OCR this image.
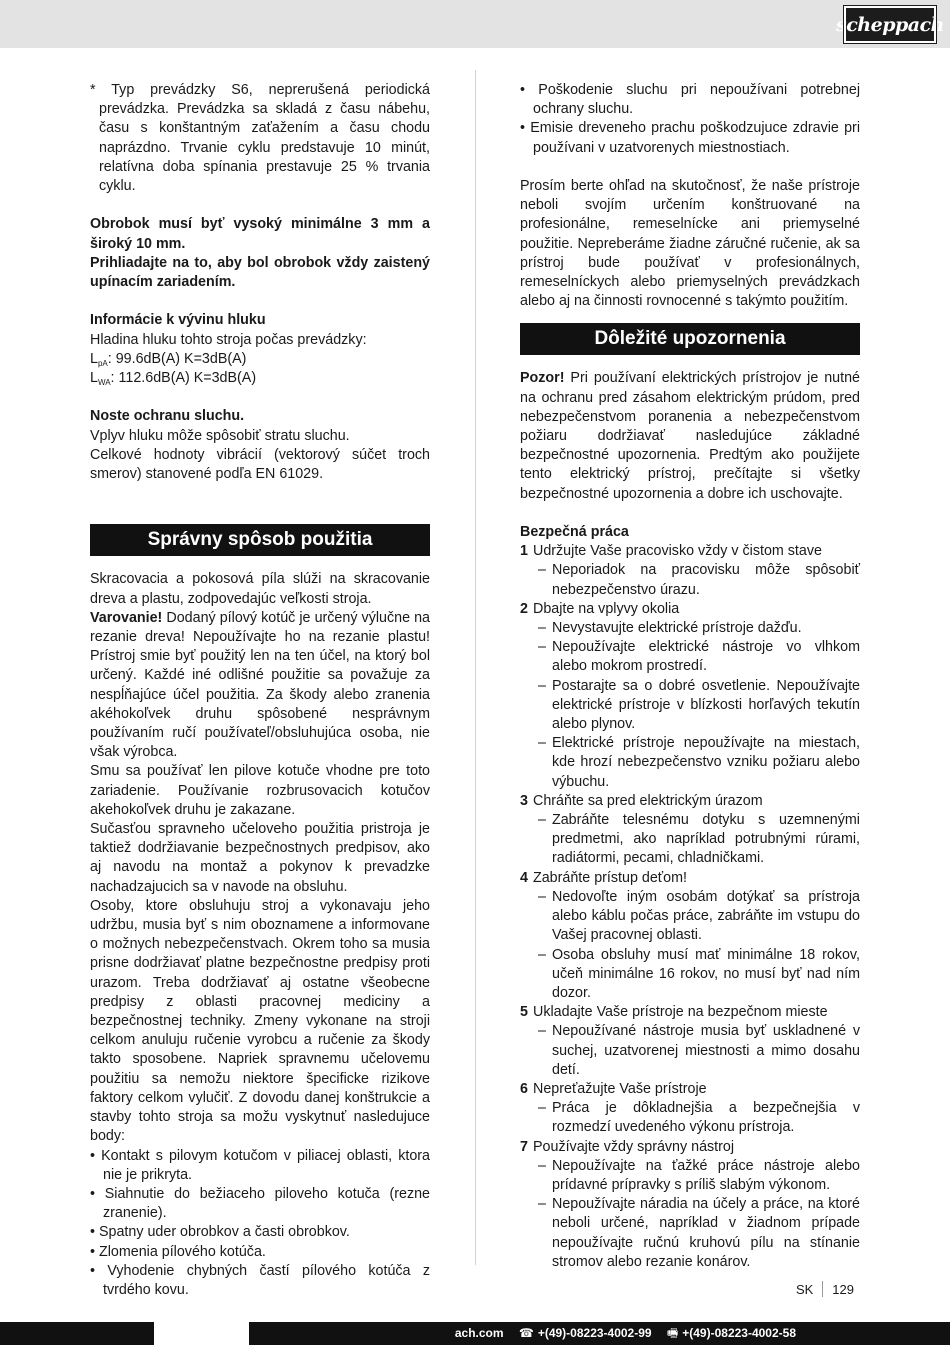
scheppach

* Typ prevádzky S6, neprerušená periodická prevádzka. Prevádzka sa skladá z času nábehu, času s konštantným zaťažením a času chodu naprázdno. Trvanie cyklu predstavuje 10 minút, relatívna doba spínania prestavuje 25 % trvania cyklu.

Obrobok musí byť vysoký minimálne 3 mm a široký 10 mm.

Prihliadajte na to, aby bol obrobok vždy zaistený upínacím zariadením.

Informácie k vývinu hluku

Hladina hluku tohto stroja počas prevádzky:

$L_{pA}$: 99.6dB(A) K=3dB(A)

$L_{WA}$: 112.6dB(A) K=3dB(A)

Noste ochranu sluchu.

Vplyv hluku môže spôsobiť stratu sluchu.

Celkové hodnoty vibrácií (vektorový súčet troch smerov) stanovené podľa EN 61029.

Správny spôsob použitia

Skracovacia a pokosová píla slúži na skracovanie dreva a plastu, zodpovedajúc veľkosti stroja.

Varovanie! Dodaný pílový kotúč je určený výlučne na rezanie dreva! Nepoužívajte ho na rezanie plastu! Prístroj smie byť použitý len na ten účel, na ktorý bol určený. Každé iné odlišné použitie sa považuje za nespĺňajúce účel použitia. Za škody alebo zranenia akéhokoľvek druhu spôsobené nesprávnym používaním ručí používateľ/obsluhujúca osoba, nie však výrobca.

Smu sa používať len pilove kotuče vhodne pre toto zariadenie. Používanie rozbrusovacich kotučov akehokoľvek druhu je zakazane.

Sučasťou spravneho učeloveho použitia pristroja je taktiež dodržiavanie bezpečnostnych predpisov, ako aj navodu na montaž a pokynov k prevadzke nachadzajucich sa v navode na obsluhu.

Osoby, ktore obsluhuju stroj a vykonavaju jeho udržbu, musia byť s nim oboznamene a informovane o možnych nebezpečenstvach. Okrem toho sa musia prisne dodržiavať platne bezpečnostne predpisy proti urazom. Treba dodržiavať aj ostatne všeobecne predpisy z oblasti pracovnej mediciny a bezpečnostnej techniky. Zmeny vykonane na stroji celkom anuluju ručenie vyrobcu a ručenie za škody takto sposobene. Napriek spravnemu učelovemu použitiu sa nemožu niektore špecificke rizikove faktory celkom vylučiť. Z dovodu danej konštrukcie a stavby tohto stroja sa možu vyskytnuť nasledujuce body:

• Kontakt s pilovym kotučom v piliacej oblasti, ktora nie je prikryta.

• Siahnutie do bežiaceho piloveho kotuča (rezne zranenie).

• Spatny uder obrobkov a časti obrobkov.

• Zlomenia pílového kotúča.

• Vyhodenie chybných častí pílového kotúča z tvrdého kovu.

• Poškodenie sluchu pri nepoužívani potrebnej ochrany sluchu.

• Emisie dreveneho prachu poškodzujuce zdravie pri používani v uzatvorenych miestnostiach.

Prosím berte ohľad na skutočnosť, že naše prístroje neboli svojím určením konštruované na profesionálne, remeselnícke ani priemyselné použitie. Nepreberáme žiadne záručné ručenie, ak sa prístroj bude používať v profesionálnych, remeselníckych alebo priemyselných prevádzkach alebo aj na činnosti rovnocenné s takýmto použitím.

Dôležité upozornenia

Pozor! Pri používaní elektrických prístrojov je nutné na ochranu pred zásahom elektrickým prúdom, pred nebezpečenstvom poranenia a nebezpečenstvom požiaru dodržiavať nasledujúce základné bezpečnostné upozornenia. Predtým ako použijete tento elektrický prístroj, prečítajte si všetky bezpečnostné upozornenia a dobre ich uschovajte.

Bezpečná práca

1 Udržujte Vaše pracovisko vždy v čistom stave
– Neporiadok na pracovisku môže spôsobiť nebezpečenstvo úrazu.
2 Dbajte na vplyvy okolia
– Nevystavujte elektrické prístroje dažďu.
– Nepoužívajte elektrické nástroje vo vlhkom alebo mokrom prostredí.
– Postarajte sa o dobré osvetlenie. Nepoužívajte elektrické prístroje v blízkosti horľavých tekutín alebo plynov.
– Elektrické prístroje nepoužívajte na miestach, kde hrozí nebezpečenstvo vzniku požiaru alebo výbuchu.
3 Chráňte sa pred elektrickým úrazom
– Zabráňte telesnému dotyku s uzemnenými predmetmi, ako napríklad potrubnými rúrami, radiátormi, pecami, chladničkami.
4 Zabráňte prístup deťom!
– Nedovoľte iným osobám dotýkať sa prístroja alebo káblu počas práce, zabráňte im vstupu do Vašej pracovnej oblasti.
– Osoba obsluhy musí mať minimálne 18 rokov, učeň minimálne 16 rokov, no musí byť nad ním dozor.
5 Ukladajte Vaše prístroje na bezpečnom mieste
– Nepoužívané nástroje musia byť uskladnené v suchej, uzatvorenej miestnosti a mimo dosahu detí.
6 Nepreťažujte Vaše prístroje
– Práca je dôkladnejšia a bezpečnejšia v rozmedzí uvedeného výkonu prístroja.
7 Používajte vždy správny nástroj
– Nepoužívajte na ťažké práce nástroje alebo prídavné prípravky s príliš slabým výkonom.
– Nepoužívajte náradia na účely a práce, na ktoré neboli určené, napríklad v žiadnom prípade nepoužívajte ručnú kruhovú pílu na stínanie stromov alebo rezanie konárov.
SK 129
ach.com ☎ +(49)-08223-4002-99 🖷 +(49)-08223-4002-58
